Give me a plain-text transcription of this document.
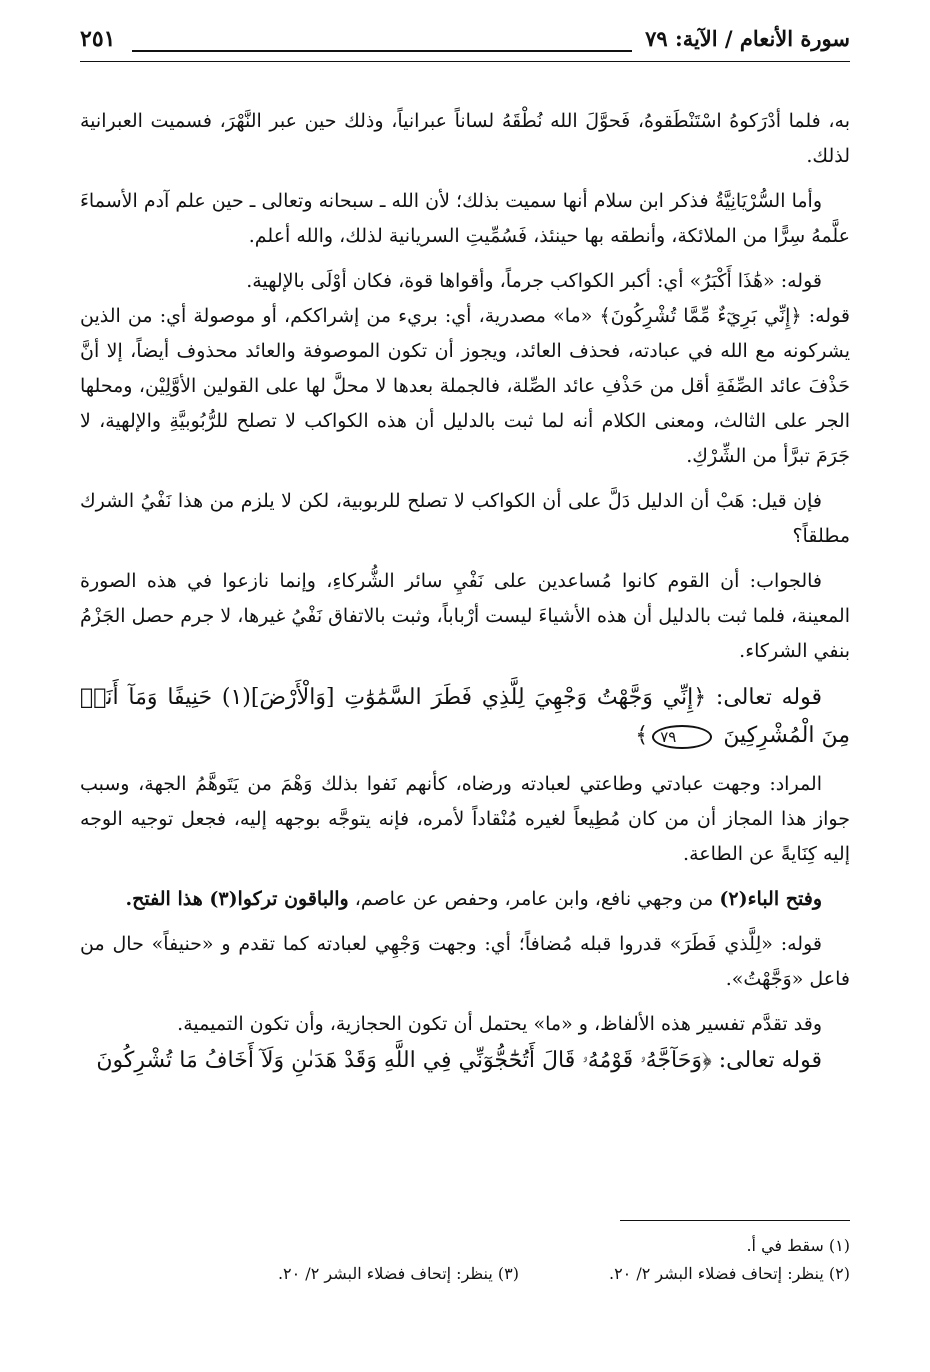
سورة الأنعام / الآية: ٧٩
٢٥١

به، فلما أدْرَكوهُ اسْتَنْطَقوهُ، فَحوَّلَ الله نُطْقَهُ لساناً عبرانياً، وذلك حين عبر النَّهْرَ، فسميت العبرانية لذلك.

وأما السُّرْيَانِيَّةُ فذكر ابن سلام أنها سميت بذلك؛ لأن الله ـ سبحانه وتعالى ـ حين علم آدم الأسماءَ علَّمهُ سِرًّا من الملائكة، وأنطقه بها حينئذ، فَسُمِّيتِ السريانية لذلك، والله أعلم.

قوله: «هَٰذَا أَكْبَرُ» أي: أكبر الكواكب جرماً، وأقواها قوة، فكان أوْلَى بالإلهية.

قوله: ﴿إِنِّي بَرِيٓءٌ مِّمَّا تُشْرِكُونَ﴾ «ما» مصدرية، أي: بريء من إشراككم، أو موصولة أي: من الذين يشركونه مع الله في عبادته، فحذف العائد، ويجوز أن تكون الموصوفة والعائد محذوف أيضاً، إلا أنَّ حَذْفَ عائد الصِّفَةِ أقل من حَذْفِ عائد الصِّلة، فالجملة بعدها لا محلَّ لها على القولين الأوَّلِيْن، ومحلها الجر على الثالث، ومعنى الكلام أنه لما ثبت بالدليل أن هذه الكواكب لا تصلح للرُّبُوبيَّةِ والإلهية، لا جَرَمَ تبرَّأ من الشِّرْكِ.

فإن قيل: هَبْ أن الدليل دَلَّ على أن الكواكب لا تصلح للربوبية، لكن لا يلزم من هذا نَفْيُ الشرك مطلقاً؟

فالجواب: أن القوم كانوا مُساعدين على نَفْيِ سائر الشُّركاءِ، وإنما نازعوا في هذه الصورة المعينة، فلما ثبت بالدليل أن هذه الأشياءَ ليست أرْباباً، وثبت بالاتفاق نَفْيُ غيرها، لا جرم حصل الجَزْمُ بنفي الشركاء.

قوله تعالى: ﴿إِنِّي وَجَّهْتُ وَجْهِيَ لِلَّذِي فَطَرَ السَّمَٰوَٰتِ [وَالْأَرْضَ](١) حَنِيفًا وَمَآ أَنَا۠ مِنَ الْمُشْرِكِينَ ٧٩﴾

المراد: وجهت عبادتي وطاعتي لعبادته ورضاه، كأنهم نَفوا بذلك وَهْمَ من يَتَوهَّمُ الجهة، وسبب جواز هذا المجاز أن من كان مُطِيعاً لغيره مُنْقاداً لأمره، فإنه يتوجَّه بوجهه إليه، فجعل توجيه الوجه إليه كِنَايةً عن الطاعة.

وفتح الباء(٢) من وجهي نافع، وابن عامر، وحفص عن عاصم، والباقون تركوا(٣) هذا الفتح.

قوله: «لِلَّذي فَطَرَ» قدروا قبله مُضافاً؛ أي: وجهت وَجْهِي لعبادته كما تقدم و «حنيفاً» حال من فاعل «وَجَّهْتُ».

وقد تقدَّم تفسير هذه الألفاظ، و «ما» يحتمل أن تكون الحجازية، وأن تكون التميمية.

قوله تعالى: ﴿وَحَآجَّهُۥ قَوْمُهُۥ قَالَ أَتُحَٰٓجُّوٓنِّي فِي اللَّهِ وَقَدْ هَدَىٰنِ وَلَآ أَخَافُ مَا تُشْرِكُونَ

(١) سقط في أ.
(٢) ينظر: إتحاف فضلاء البشر ٢/ ٢٠.
(٣) ينظر: إتحاف فضلاء البشر ٢/ ٢٠.
